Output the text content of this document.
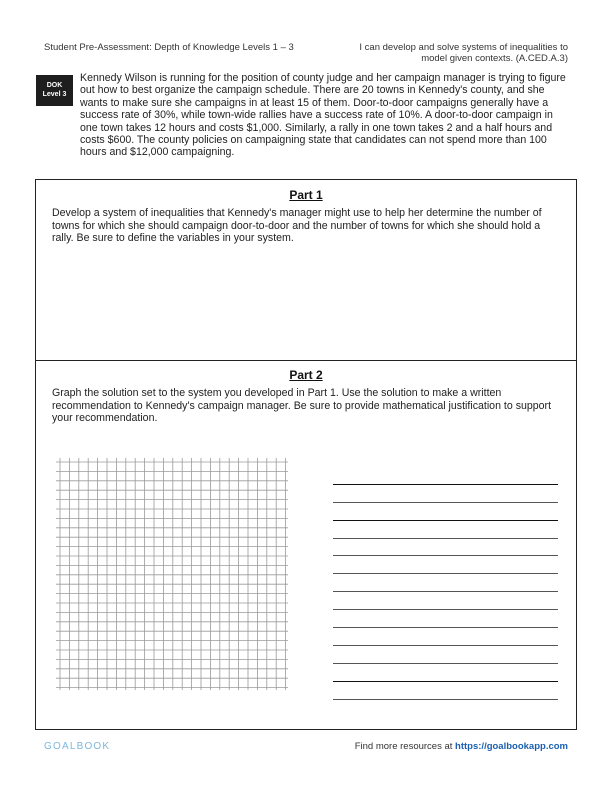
Student Pre-Assessment: Depth of Knowledge Levels 1 – 3	I can develop and solve systems of inequalities to model given contexts. (A.CED.A.3)
DOK
Level 3
Kennedy Wilson is running for the position of county judge and her campaign manager is trying to figure out how to best organize the campaign schedule. There are 20 towns in Kennedy's county, and she wants to make sure she campaigns in at least 15 of them. Door-to-door campaigns generally have a success rate of 30%, while town-wide rallies have a success rate of 10%. A door-to-door campaign in one town takes 12 hours and costs $1,000. Similarly, a rally in one town takes 2 and a half hours and costs $600. The county policies on campaigning state that candidates can not spend more than 100 hours and $12,000 campaigning.
Part 1
Develop a system of inequalities that Kennedy's manager might use to help her determine the number of towns for which she should campaign door-to-door and the number of towns for which she should hold a rally. Be sure to define the variables in your system.
Part 2
Graph the solution set to the system you developed in Part 1. Use the solution to make a written recommendation to Kennedy's campaign manager. Be sure to provide mathematical justification to support your recommendation.
GOALBOOK	Find more resources at https://goalbookapp.com
